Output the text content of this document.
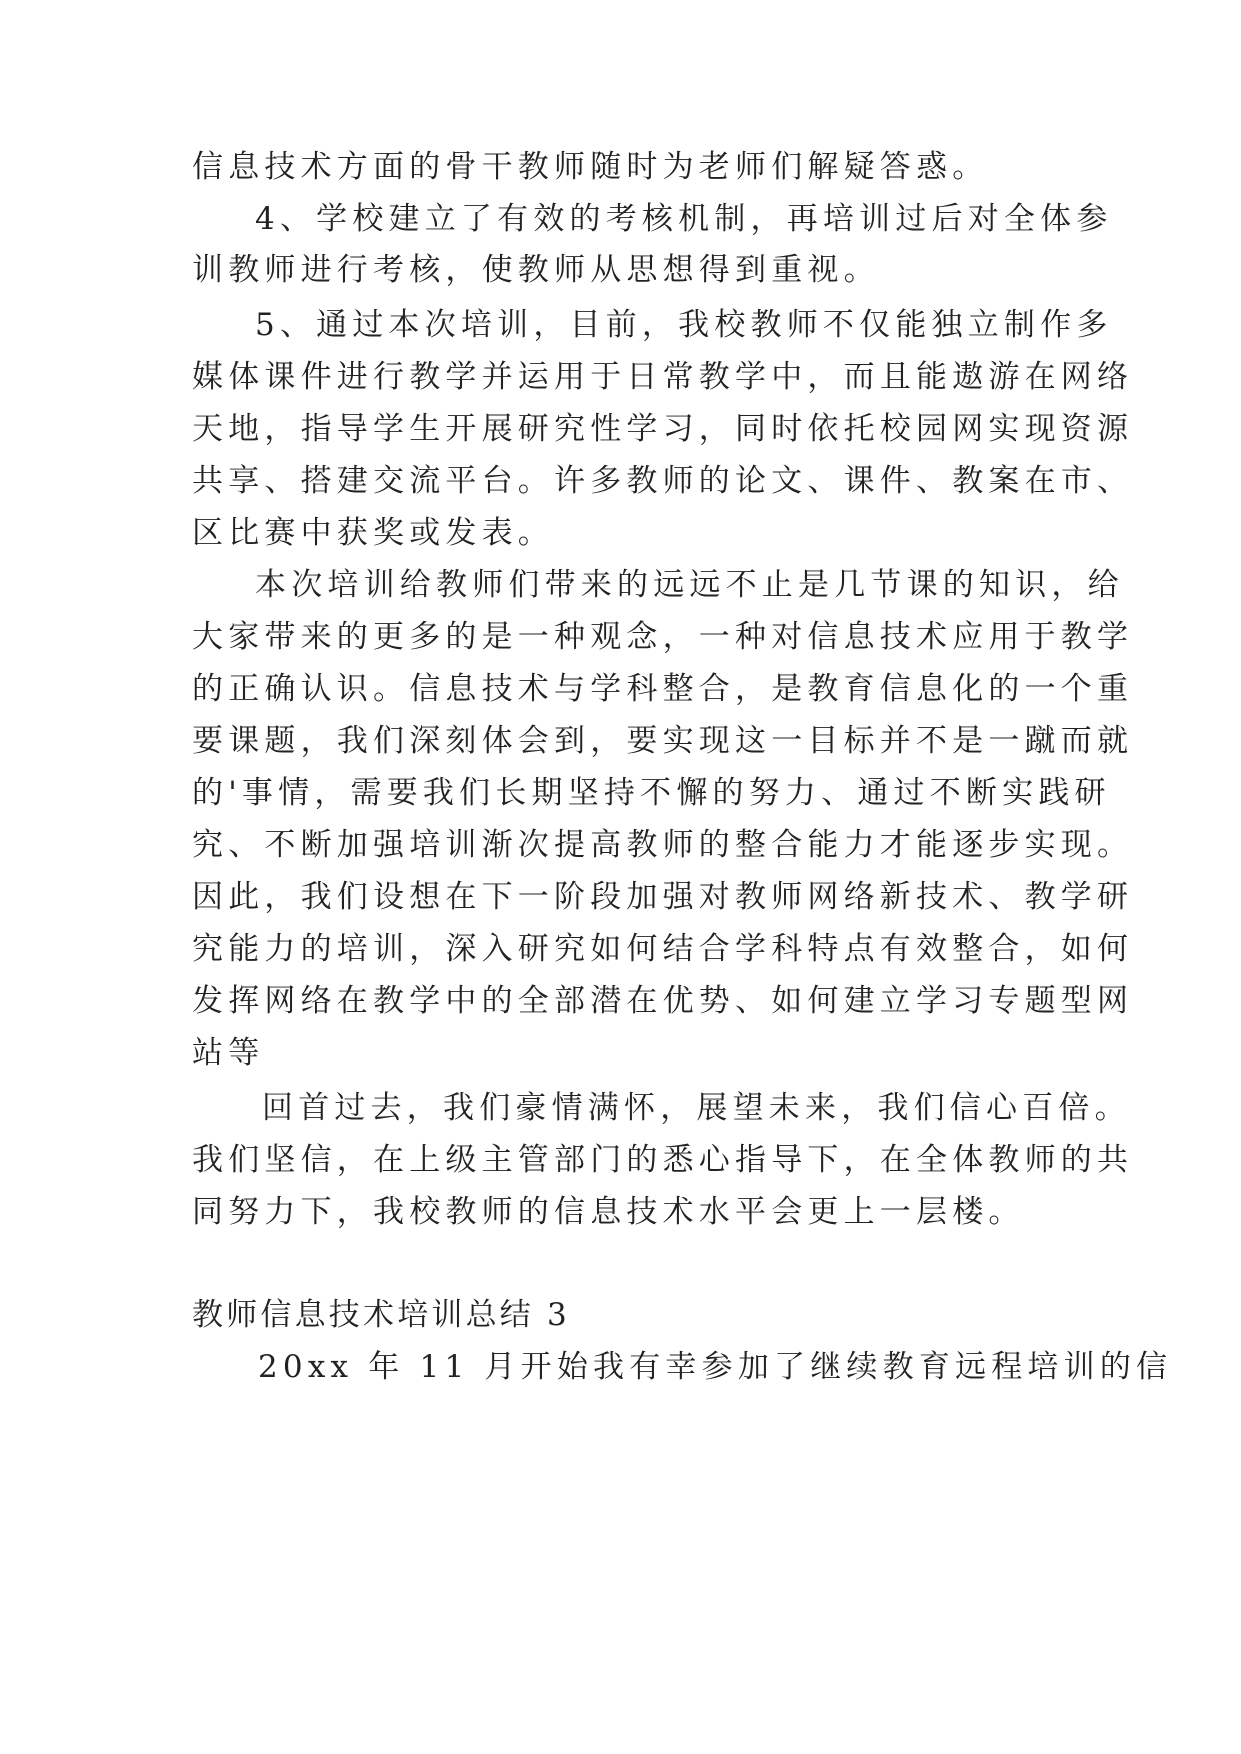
信息技术方面的骨干教师随时为老师们解疑答惑。
4、学校建立了有效的考核机制，再培训过后对全体参
训教师进行考核，使教师从思想得到重视。
5、通过本次培训，目前，我校教师不仅能独立制作多
媒体课件进行教学并运用于日常教学中，而且能遨游在网络
天地，指导学生开展研究性学习，同时依托校园网实现资源
共享、搭建交流平台。许多教师的论文、课件、教案在市、
区比赛中获奖或发表。
本次培训给教师们带来的远远不止是几节课的知识，给
大家带来的更多的是一种观念，一种对信息技术应用于教学
的正确认识。信息技术与学科整合，是教育信息化的一个重
要课题，我们深刻体会到，要实现这一目标并不是一蹴而就
的'事情，需要我们长期坚持不懈的努力、通过不断实践研
究、不断加强培训渐次提高教师的整合能力才能逐步实现。
因此，我们设想在下一阶段加强对教师网络新技术、教学研
究能力的培训，深入研究如何结合学科特点有效整合，如何
发挥网络在教学中的全部潜在优势、如何建立学习专题型网
站等
回首过去，我们豪情满怀，展望未来，我们信心百倍。
我们坚信，在上级主管部门的悉心指导下，在全体教师的共
同努力下，我校教师的信息技术水平会更上一层楼。
教师信息技术培训总结 3
20xx 年 11 月开始我有幸参加了继续教育远程培训的信
